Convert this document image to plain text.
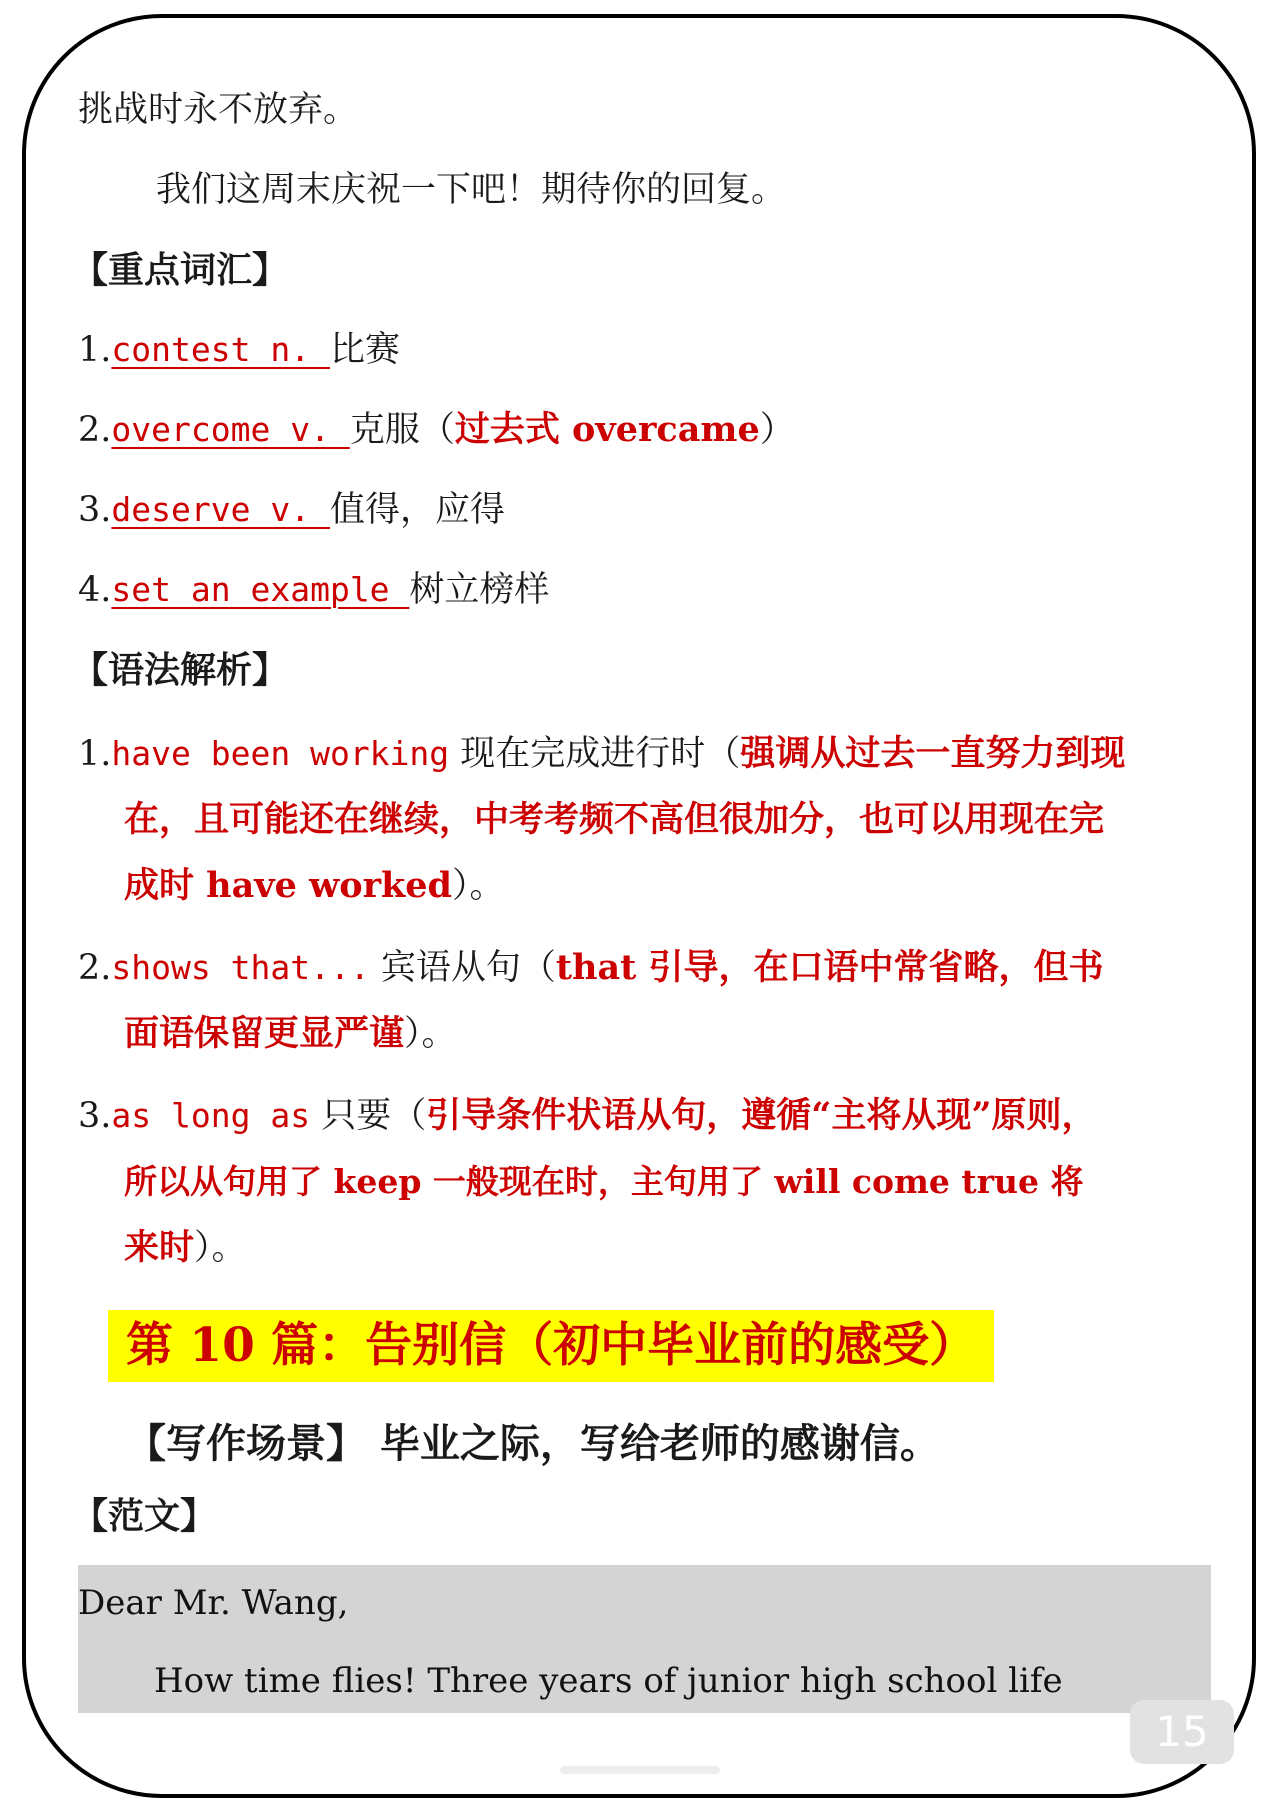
挑战时永不放弃。
我们这周末庆祝一下吧！期待你的回复。
【重点词汇】
1.contest n. 比赛
2.overcome v. 克服（过去式 overcame）
3.deserve v. 值得，应得
4.set an example 树立榜样
【语法解析】
1.have been working 现在完成进行时（强调从过去一直努力到现
在，且可能还在继续，中考考频不高但很加分，也可以用现在完
成时 have worked）。
2.shows that... 宾语从句（that 引导，在口语中常省略，但书
面语保留更显严谨）。
3.as long as 只要（引导条件状语从句，遵循“主将从现”原则，
所以从句用了 keep 一般现在时，主句用了 will come true 将
来时）。
第 10 篇：告别信（初中毕业前的感受）
【写作场景】 毕业之际，写给老师的感谢信。
【范文】
Dear Mr. Wang,
How time flies! Three years of junior high school life
15
